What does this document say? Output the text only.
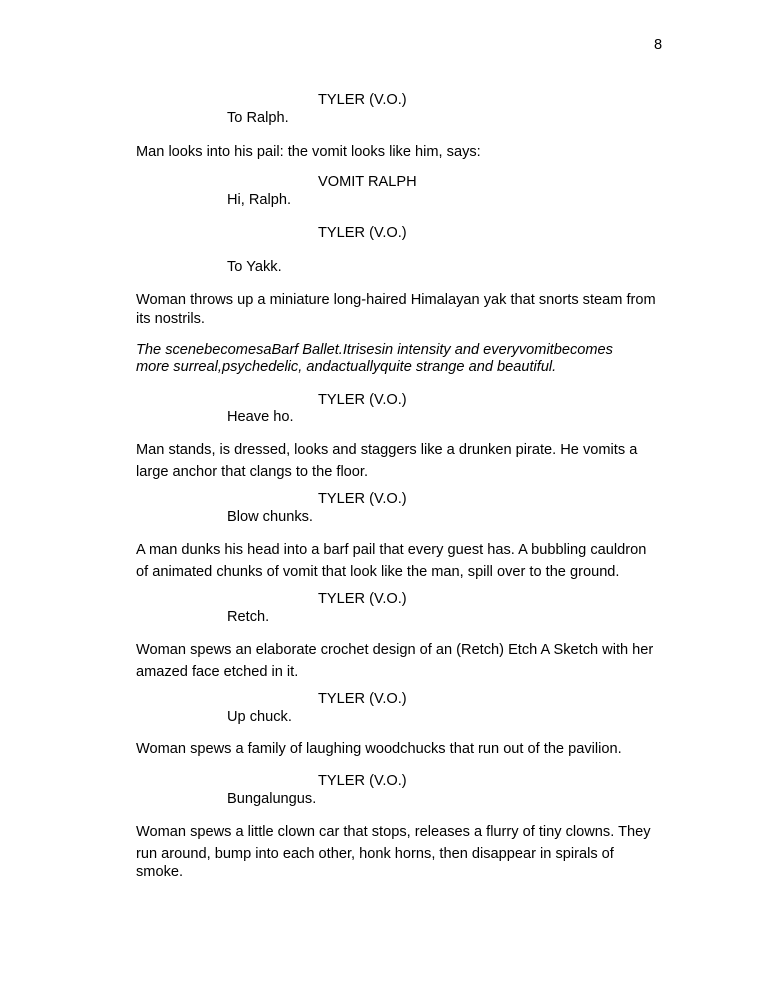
8
TYLER (V.O.)
To Ralph.
Man looks into his pail: the vomit looks like him, says:
VOMIT RALPH
Hi, Ralph.
TYLER (V.O.)
To Yakk.
Woman throws up a miniature long-haired Himalayan yak that snorts steam from
its nostrils.
The scenebecomesaBarf Ballet.Itrisesin intensity and everyvomitbecomes
more surreal,psychedelic, andactuallyquite strange and beautiful.
TYLER (V.O.)
Heave ho.
Man stands, is dressed, looks and staggers like a drunken pirate. He vomits a
large anchor that clangs to the floor.
TYLER (V.O.)
Blow chunks.
A man dunks his head into a barf pail that every guest has. A bubbling cauldron
of animated chunks of vomit that look like the man, spill over to the ground.
TYLER (V.O.)
Retch.
Woman spews an elaborate crochet design of an (Retch) Etch A Sketch with her
amazed face etched in it.
TYLER (V.O.)
Up chuck.
Woman spews a family of laughing woodchucks that run out of the pavilion.
TYLER (V.O.)
Bungalungus.
Woman spews a little clown car that stops, releases a flurry of tiny clowns. They
run around, bump into each other, honk horns, then disappear in spirals of
smoke.
